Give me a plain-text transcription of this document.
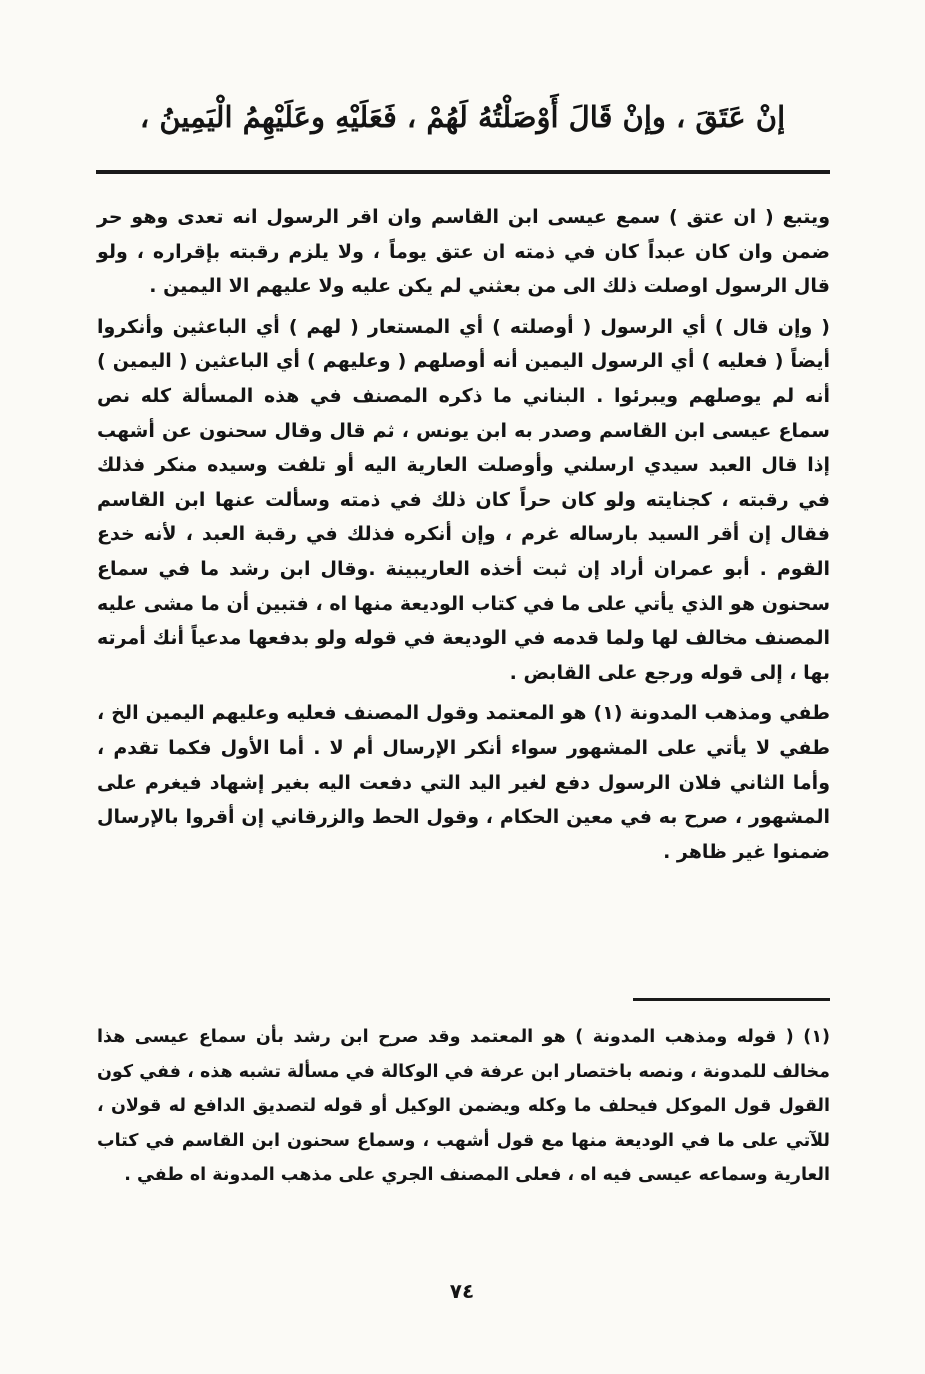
إنْ عَتَقَ ، وإنْ قَالَ أَوْصَلْتُهُ لَهُمْ ، فَعَلَيْهِ وعَلَيْهِمُ الْيَمِينُ ،

ويتبع ( ان عتق ) سمع عيسى ابن القاسم وان اقر الرسول انه تعدى وهو حر ضمن وان كان عبداً كان في ذمته ان عتق يوماً ، ولا يلزم رقبته بإقراره ، ولو قال الرسول اوصلت ذلك الى من بعثني لم يكن عليه ولا عليهم الا اليمين .

( وإن قال ) أي الرسول ( أوصلته ) أي المستعار ( لهم ) أي الباعثين وأنكروا أيضاً ( فعليه ) أي الرسول اليمين أنه أوصلهم ( وعليهم ) أي الباعثين ( اليمين ) أنه لم يوصلهم ويبرئوا . البناني ما ذكره المصنف في هذه المسألة كله نص سماع عيسى ابن القاسم وصدر به ابن يونس ، ثم قال وقال سحنون عن أشهب إذا قال العبد سيدي ارسلني وأوصلت العارية اليه أو تلفت وسيده منكر فذلك في رقبته ، كجنايته ولو كان حراً كان ذلك في ذمته وسألت عنها ابن القاسم فقال إن أقر السيد بارساله غرم ، وإن أنكره فذلك في رقبة العبد ، لأنه خدع القوم . أبو عمران أراد إن ثبت أخذه العاريبينة .وقال ابن رشد ما في سماع سحنون هو الذي يأتي على ما في كتاب الوديعة منها اه ، فتبين أن ما مشى عليه المصنف مخالف لها ولما قدمه في الوديعة في قوله ولو بدفعها مدعياً أنك أمرته بها ، إلى قوله ورجع على القابض .

طفي ومذهب المدونة (١) هو المعتمد وقول المصنف فعليه وعليهم اليمين الخ ، طفي لا يأتي على المشهور سواء أنكر الإرسال أم لا . أما الأول فكما تقدم ، وأما الثاني فلان الرسول دفع لغير اليد التي دفعت اليه بغير إشهاد فيغرم على المشهور ، صرح به في معين الحكام ، وقول الحط والزرقاني إن أقروا بالإرسال ضمنوا غير ظاهر .

(١) ( قوله ومذهب المدونة ) هو المعتمد وقد صرح ابن رشد بأن سماع عيسى هذا مخالف للمدونة ، ونصه باختصار ابن عرفة في الوكالة في مسألة تشبه هذه ، ففي كون القول قول الموكل فيحلف ما وكله ويضمن الوكيل أو قوله لتصديق الدافع له قولان ، للآتي على ما في الوديعة منها مع قول أشهب ، وسماع سحنون ابن القاسم في كتاب العارية وسماعه عيسى فيه اه ، فعلى المصنف الجري على مذهب المدونة اه طفي .

٧٤
